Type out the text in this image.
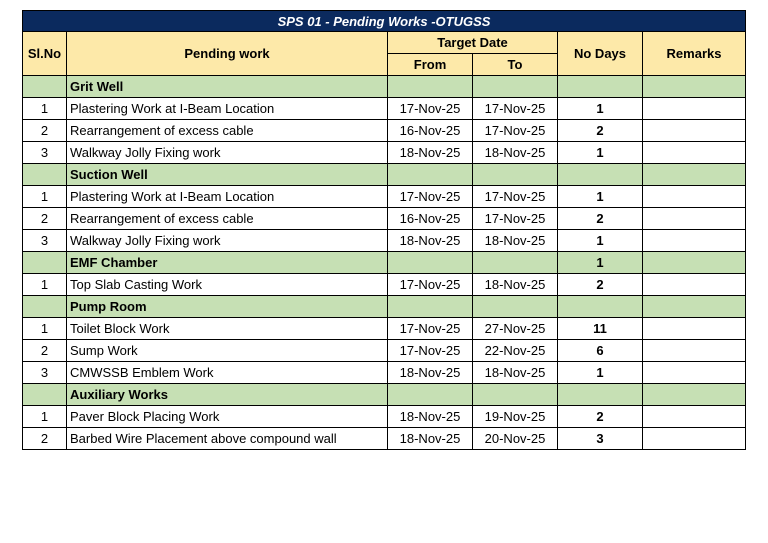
SPS 01 - Pending Works -OTUGSS					
Sl.No	Pending work	Target Date		No Days	Remarks
		From	To		
	Grit Well				
1	Plastering Work at I-Beam Location	17-Nov-25	17-Nov-25	1	
2	Rearrangement of excess cable	16-Nov-25	17-Nov-25	2	
3	Walkway Jolly Fixing work	18-Nov-25	18-Nov-25	1	
	Suction Well				
1	Plastering Work at I-Beam Location	17-Nov-25	17-Nov-25	1	
2	Rearrangement of excess cable	16-Nov-25	17-Nov-25	2	
3	Walkway Jolly Fixing work	18-Nov-25	18-Nov-25	1	
	EMF Chamber			1	
1	Top Slab Casting Work	17-Nov-25	18-Nov-25	2	
	Pump Room				
1	Toilet Block Work	17-Nov-25	27-Nov-25	11	
2	Sump Work	17-Nov-25	22-Nov-25	6	
3	CMWSSB Emblem Work	18-Nov-25	18-Nov-25	1	
	Auxiliary Works				
1	Paver Block Placing Work	18-Nov-25	19-Nov-25	2	
2	Barbed Wire Placement above compound wall	18-Nov-25	20-Nov-25	3	
